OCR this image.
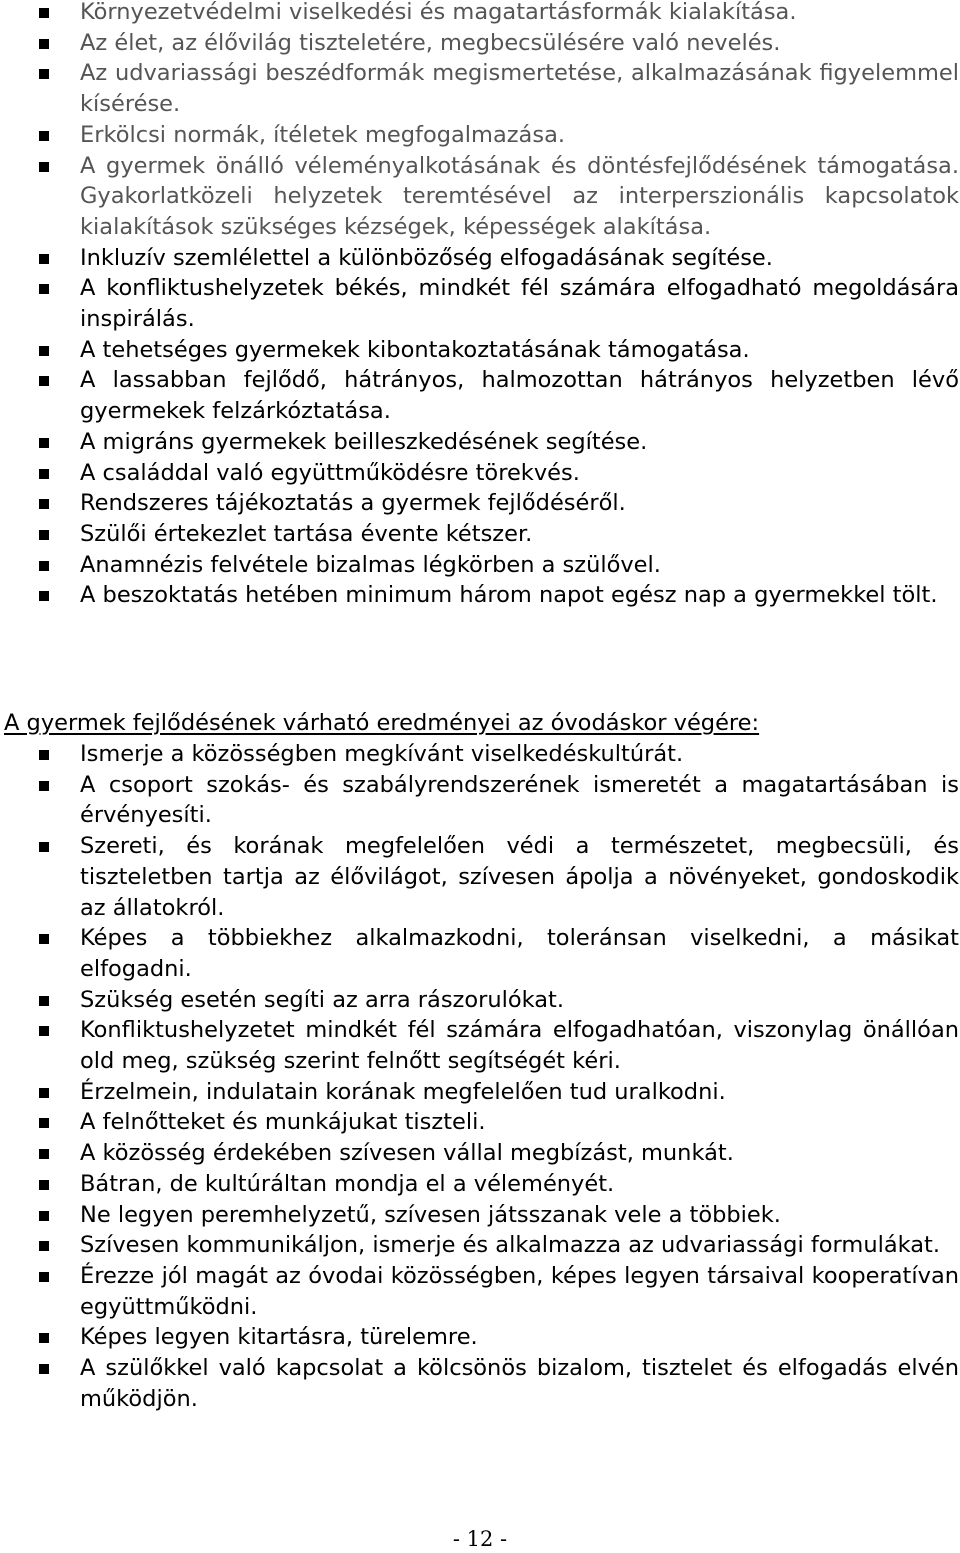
Környezetvédelmi viselkedési és magatartásformák kialakítása.
Az élet, az élővilág tiszteletére, megbecsülésére való nevelés.
Az udvariassági beszédformák megismertetése, alkalmazásának figyelemmel kísérése.
Erkölcsi normák, ítéletek megfogalmazása.
A gyermek önálló véleményalkotásának és döntésfejlődésének támogatása. Gyakorlatközeli helyzetek teremtésével az interperszionális kapcsolatok kialakítások szükséges kézségek, képességek alakítása.
Inkluzív szemlélettel a különbözőség elfogadásának segítése.
A konfliktushelyzetek békés, mindkét fél számára elfogadható megoldására inspirálás.
A tehetséges gyermekek kibontakoztatásának támogatása.
A lassabban fejlődő, hátrányos, halmozottan hátrányos helyzetben lévő gyermekek felzárkóztatása.
A migráns gyermekek beilleszkedésének segítése.
A családdal való együttműködésre törekvés.
Rendszeres tájékoztatás a gyermek fejlődéséről.
Szülői értekezlet tartása évente kétszer.
Anamnézis felvétele bizalmas légkörben a szülővel.
A beszoktatás hetében minimum három napot egész nap a gyermekkel tölt.
A gyermek fejlődésének várható eredményei az óvodáskor végére:
Ismerje a közösségben megkívánt viselkedéskultúrát.
A csoport szokás- és szabályrendszerének ismeretét a magatartásában is érvényesíti.
Szereti, és korának megfelelően védi a természetet, megbecsüli, és tiszteletben tartja az élővilágot, szívesen ápolja a növényeket, gondoskodik az állatokról.
Képes a többiekhez alkalmazkodni, toleránsan viselkedni, a másikat elfogadni.
Szükség esetén segíti az arra rászorulókat.
Konfliktushelyzetet mindkét fél számára elfogadhatóan, viszonylag önállóan old meg, szükség szerint felnőtt segítségét kéri.
Érzelmein, indulatain korának megfelelően tud uralkodni.
A felnőtteket és munkájukat tiszteli.
A közösség érdekében szívesen vállal megbízást, munkát.
Bátran, de kultúráltan mondja el a véleményét.
Ne legyen peremhelyzetű, szívesen játsszanak vele a többiek.
Szívesen kommunikáljon, ismerje és alkalmazza az udvariassági formulákat.
Érezze jól magát az óvodai közösségben, képes legyen társaival kooperatívan együttműködni.
Képes legyen kitartásra, türelemre.
A szülőkkel való kapcsolat a kölcsönös bizalom, tisztelet és elfogadás elvén működjön.
- 12 -
